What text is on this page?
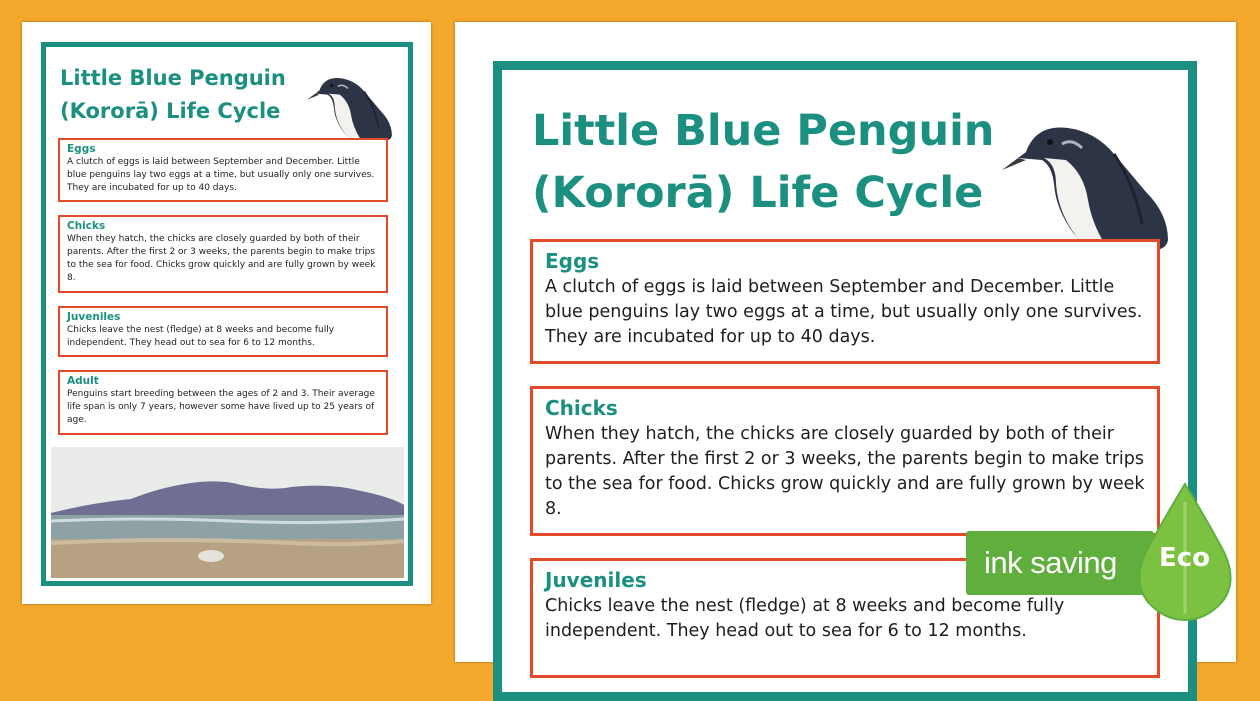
Little Blue Penguin
(Kororā) Life Cycle
Eggs

A clutch of eggs is laid between September and December. Little blue penguins lay two eggs at a time, but usually only one survives. They are incubated for up to 40 days.

Chicks

When they hatch, the chicks are closely guarded by both of their parents. After the first 2 or 3 weeks, the parents begin to make trips to the sea for food. Chicks grow quickly and are fully grown by week 8.

Juveniles

Chicks leave the nest (fledge) at 8 weeks and become fully independent. They head out to sea for 6 to 12 months.

Adult

Penguins start breeding between the ages of 2 and 3. Their average life span is only 7 years, however some have lived up to 25 years of age.

Little Blue Penguin
(Kororā) Life Cycle
Eggs

A clutch of eggs is laid between September and December. Little blue penguins lay two eggs at a time, but usually only one survives. They are incubated for up to 40 days.

Chicks

When they hatch, the chicks are closely guarded by both of their parents. After the first 2 or 3 weeks, the parents begin to make trips to the sea for food. Chicks grow quickly and are fully grown by week 8.

Juveniles

Chicks leave the nest (fledge) at 8 weeks and become fully independent. They head out to sea for 6 to 12 months.

ink saving Eco
